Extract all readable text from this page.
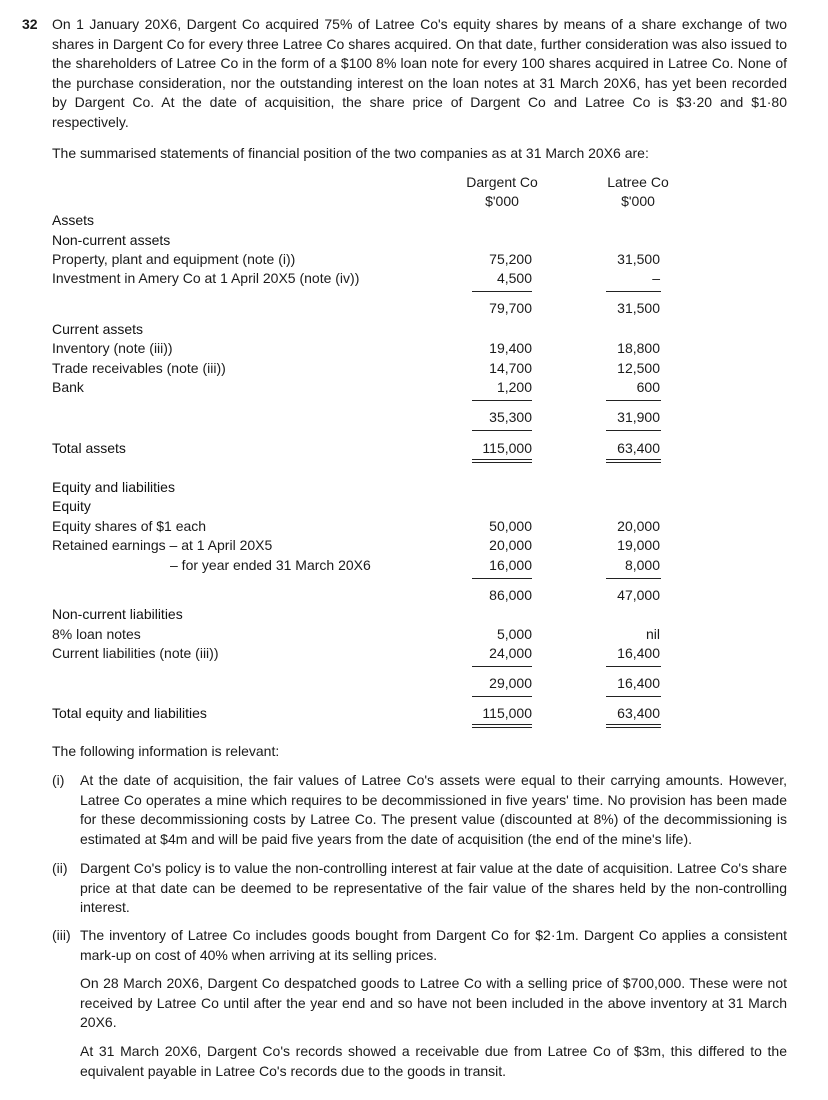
32 On 1 January 20X6, Dargent Co acquired 75% of Latree Co's equity shares by means of a share exchange of two shares in Dargent Co for every three Latree Co shares acquired. On that date, further consideration was also issued to the shareholders of Latree Co in the form of a $100 8% loan note for every 100 shares acquired in Latree Co. None of the purchase consideration, nor the outstanding interest on the loan notes at 31 March 20X6, has yet been recorded by Dargent Co. At the date of acquisition, the share price of Dargent Co and Latree Co is $3·20 and $1·80 respectively.
The summarised statements of financial position of the two companies as at 31 March 20X6 are:
Dargent Co
$'000
Latree Co
$'000
Assets
Non-current assets
Property, plant and equipment (note (i))	75,200	31,500
Investment in Amery Co at 1 April 20X5 (note (iv))	4,500	–
79,700	31,500
Current assets
Inventory (note (iii))	19,400	18,800
Trade receivables (note (iii))	14,700	12,500
Bank	1,200	600
35,300	31,900
Total assets	115,000	63,400
Equity and liabilities
Equity
Equity shares of $1 each	50,000	20,000
Retained earnings – at 1 April 20X5	20,000	19,000
– for year ended 31 March 20X6	16,000	8,000
86,000	47,000
Non-current liabilities
8% loan notes	5,000	nil
Current liabilities (note (iii))	24,000	16,400
29,000	16,400
Total equity and liabilities	115,000	63,400
The following information is relevant:
(i) At the date of acquisition, the fair values of Latree Co's assets were equal to their carrying amounts. However, Latree Co operates a mine which requires to be decommissioned in five years' time. No provision has been made for these decommissioning costs by Latree Co. The present value (discounted at 8%) of the decommissioning is estimated at $4m and will be paid five years from the date of acquisition (the end of the mine's life).
(ii) Dargent Co's policy is to value the non-controlling interest at fair value at the date of acquisition. Latree Co's share price at that date can be deemed to be representative of the fair value of the shares held by the non-controlling interest.
(iii) The inventory of Latree Co includes goods bought from Dargent Co for $2·1m. Dargent Co applies a consistent mark-up on cost of 40% when arriving at its selling prices.
On 28 March 20X6, Dargent Co despatched goods to Latree Co with a selling price of $700,000. These were not received by Latree Co until after the year end and so have not been included in the above inventory at 31 March 20X6.
At 31 March 20X6, Dargent Co's records showed a receivable due from Latree Co of $3m, this differed to the equivalent payable in Latree Co's records due to the goods in transit.
